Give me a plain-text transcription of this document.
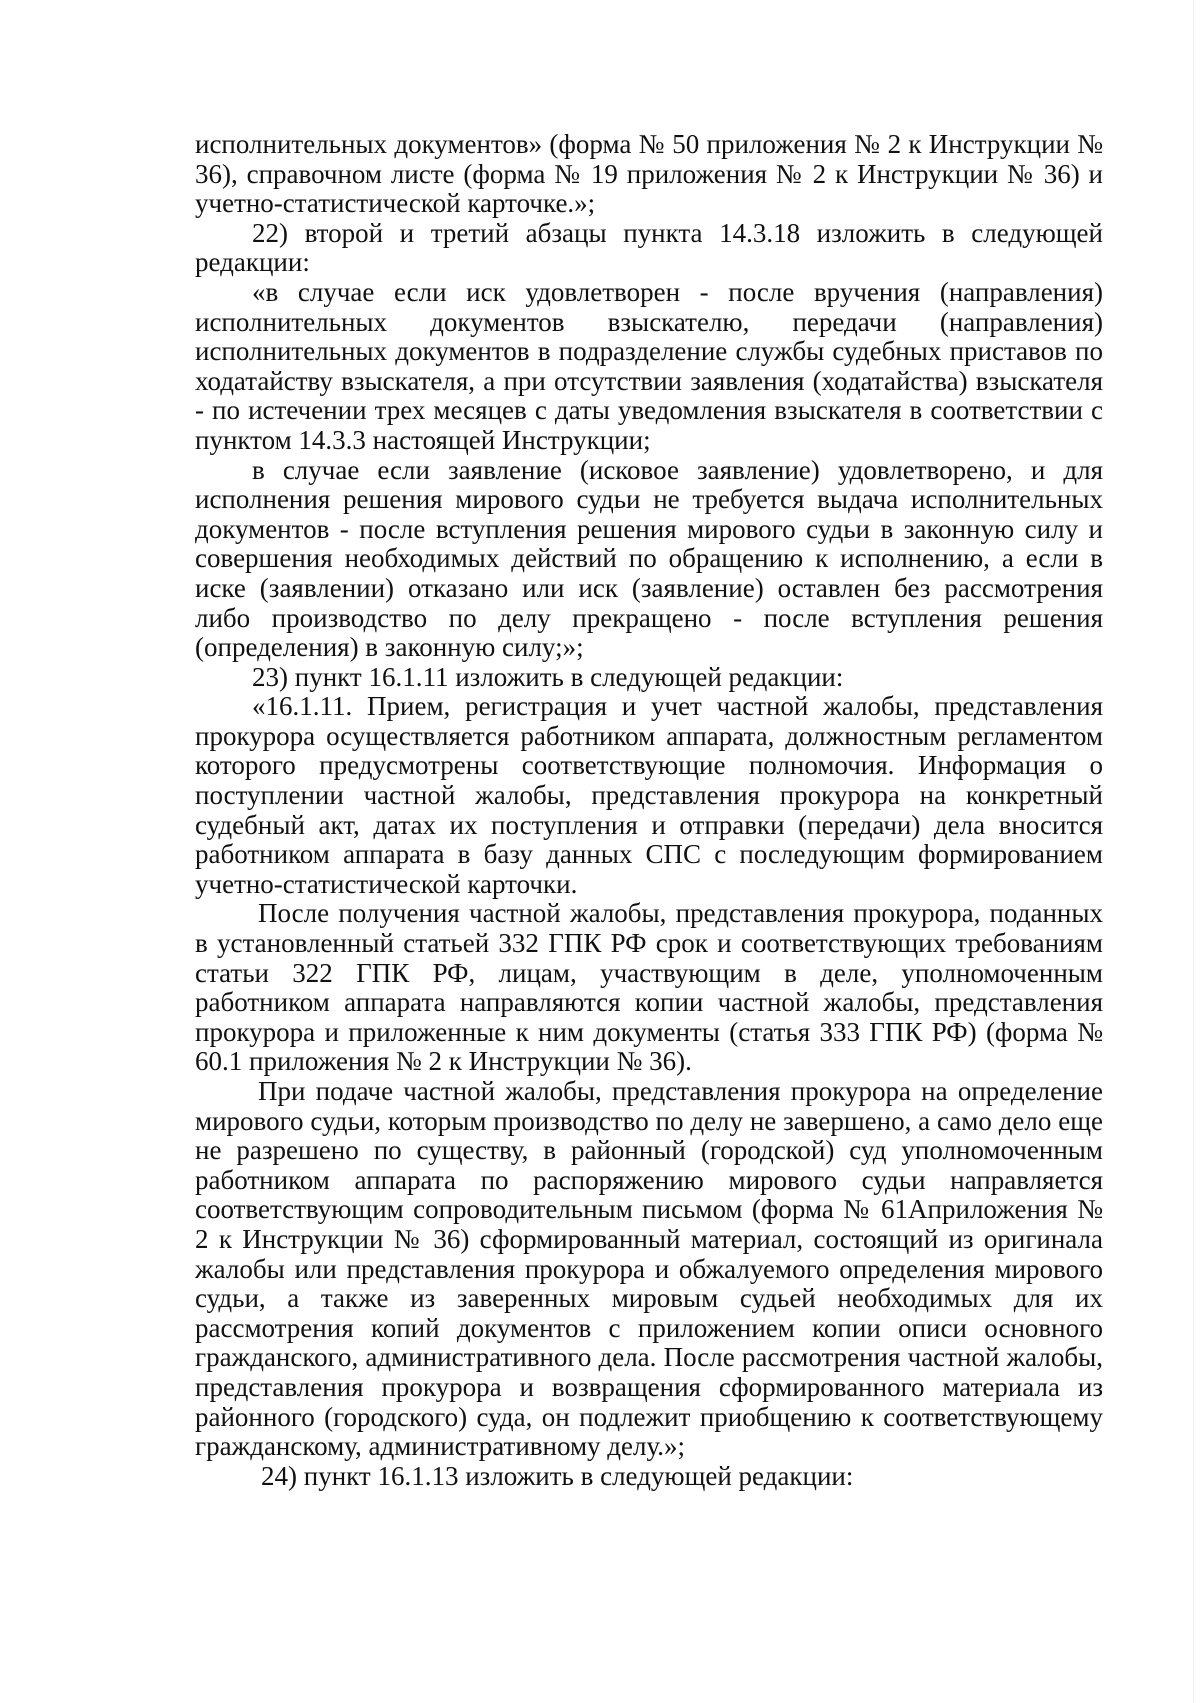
исполнительных документов» (форма № 50 приложения № 2 к Инструкции № 36), справочном листе (форма № 19 приложения № 2 к Инструкции № 36) и учетно-статистической карточке.»;

22) второй и третий абзацы пункта 14.3.18 изложить в следующей редакции:

«в случае если иск удовлетворен - после вручения (направления) исполнительных документов взыскателю, передачи (направления) исполнительных документов в подразделение службы судебных приставов по ходатайству взыскателя, а при отсутствии заявления (ходатайства) взыскателя - по истечении трех месяцев с даты уведомления взыскателя в соответствии с пунктом 14.3.3 настоящей Инструкции;

в случае если заявление (исковое заявление) удовлетворено, и для исполнения решения мирового судьи не требуется выдача исполнительных документов - после вступления решения мирового судьи в законную силу и совершения необходимых действий по обращению к исполнению, а если в иске (заявлении) отказано или иск (заявление) оставлен без рассмотрения либо производство по делу прекращено - после вступления решения (определения) в законную силу;»;

23) пункт 16.1.11 изложить в следующей редакции:

«16.1.11. Прием, регистрация и учет частной жалобы, представления прокурора осуществляется работником аппарата, должностным регламентом которого предусмотрены соответствующие полномочия. Информация о поступлении частной жалобы, представления прокурора на конкретный судебный акт, датах их поступления и отправки (передачи) дела вносится работником аппарата в базу данных СПС с последующим формированием учетно-статистической карточки.

После получения частной жалобы, представления прокурора, поданных в установленный статьей 332 ГПК РФ срок и соответствующих требованиям статьи 322 ГПК РФ, лицам, участвующим в деле, уполномоченным работником аппарата направляются копии частной жалобы, представления прокурора и приложенные к ним документы (статья 333 ГПК РФ) (форма № 60.1 приложения № 2 к Инструкции № 36).

При подаче частной жалобы, представления прокурора на определение мирового судьи, которым производство по делу не завершено, а само дело еще не разрешено по существу, в районный (городской) суд уполномоченным работником аппарата по распоряжению мирового судьи направляется соответствующим сопроводительным письмом (форма № 61Априложения № 2 к Инструкции № 36) сформированный материал, состоящий из оригинала жалобы или представления прокурора и обжалуемого определения мирового судьи, а также из заверенных мировым судьей необходимых для их рассмотрения копий документов с приложением копии описи основного гражданского, административного дела. После рассмотрения частной жалобы, представления прокурора и возвращения сформированного материала из районного (городского) суда, он подлежит приобщению к соответствующему гражданскому, административному делу.»;

24) пункт 16.1.13 изложить в следующей редакции:
